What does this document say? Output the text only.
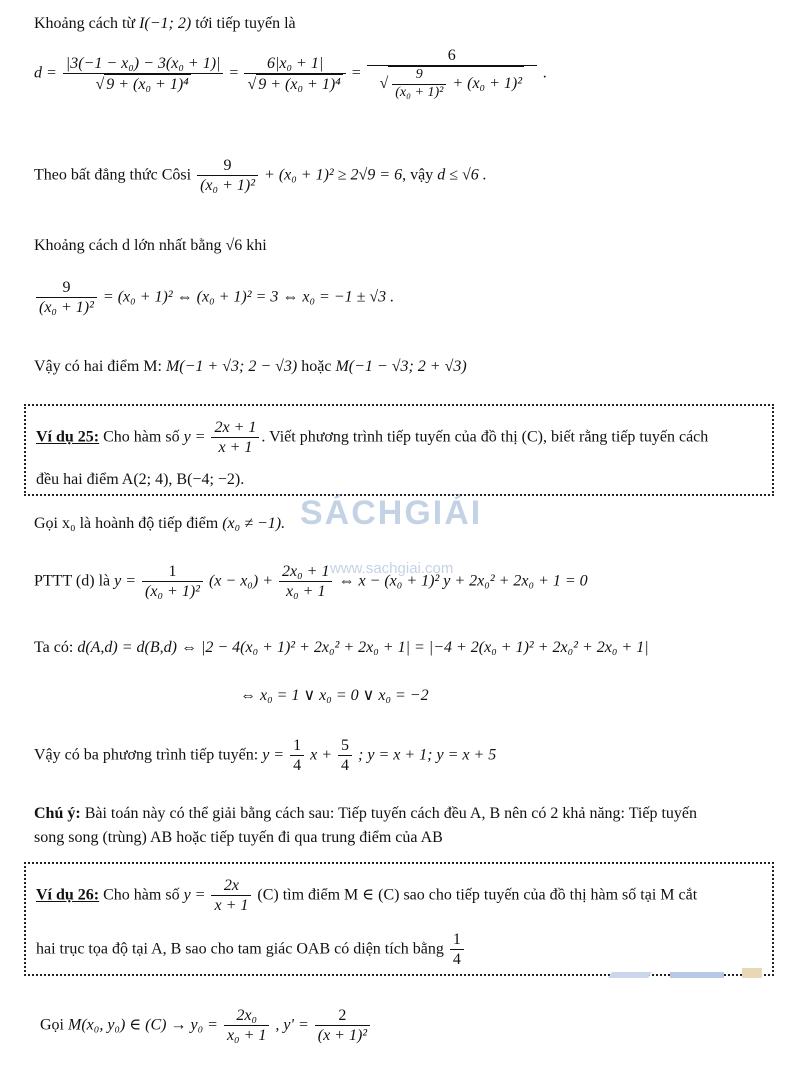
Khoảng cách từ I(−1; 2) tới tiếp tuyến là
$d = \frac{\text{|3(−1 − x₀) − 3(x₀ + 1)|}}{\text{√ 9 + (x₀ + 1)⁴}} = \frac{\text{6|x₀ + 1|}}{\text{√ 9 + (x₀ + 1)⁴}}$ =
6
√ $\frac{9}{\text{(x₀ + 1)²}} + (x_0 + 1)^2$
.
Theo bất đẳng thức Côsi $\frac{9}{\text{(x₀ + 1)²}} + (x_0 + 1)^2 \ge 2√9 = 6$, vậy d ≤ √6 .
Khoảng cách d lớn nhất bằng √6 khi
$\frac{9}{\text{(x₀ + 1)²}} = (x_0 + 1)^2$ ⇔ (x₀ + 1)² = 3 ⇔ x₀ = −1 ± √3 .
Vậy có hai điểm M: M(−1 + √3; 2 − √3) hoặc M(−1 − √3; 2 + √3)
Ví dụ 25: Cho hàm số $y = \frac{2x + 1}{x + 1}$ . Viết phương trình tiếp tuyến của đồ thị (C), biết rằng tiếp tuyến cách
đều hai điểm A(2; 4), B(−4; −2).
SÁCHGIẢI
www.sachgiai.com
Gọi x₀ là hoành độ tiếp điểm (x₀ ≠ −1).
PTTT (d) là $y = \frac{1}{\text{(x₀ + 1)²}} (x - x_0) + \frac{\text{2x₀ + 1}}{\text{x₀ + 1}}$ ⇔ x − (x₀ + 1)² y + 2x₀² + 2x₀ + 1 = 0
Ta có: d(A,d) = d(B,d) ⇔ |2 − 4(x₀ + 1)² + 2x₀² + 2x₀ + 1| = |−4 + 2(x₀ + 1)² + 2x₀² + 2x₀ + 1|
⇔ x₀ = 1 ∨ x₀ = 0 ∨ x₀ = −2
Vậy có ba phương trình tiếp tuyến: $y = \frac{1}{4}$ $x + \frac{5}{4}$ ; y = x + 1; y = x + 5
Chú ý: Bài toán này có thể giải bằng cách sau: Tiếp tuyến cách đều A, B nên có 2 khả năng: Tiếp tuyến
song song (trùng) AB hoặc tiếp tuyến đi qua trung điểm của AB
Ví dụ 26: Cho hàm số $y = \frac{2x}{x + 1} (C)$ tìm điểm M ∈ (C) sao cho tiếp tuyến của đồ thị hàm số tại M cắt
hai trục tọa độ tại A, B sao cho tam giác OAB có diện tích bằng $\frac{1}{4}$
Gọi M(x₀, y₀) ∈ $(C) \to y_0 = \frac{\text{2x₀}}{\text{x₀ + 1}}$ , $y' = \frac{2}{\text{(x + 1)²}}$
